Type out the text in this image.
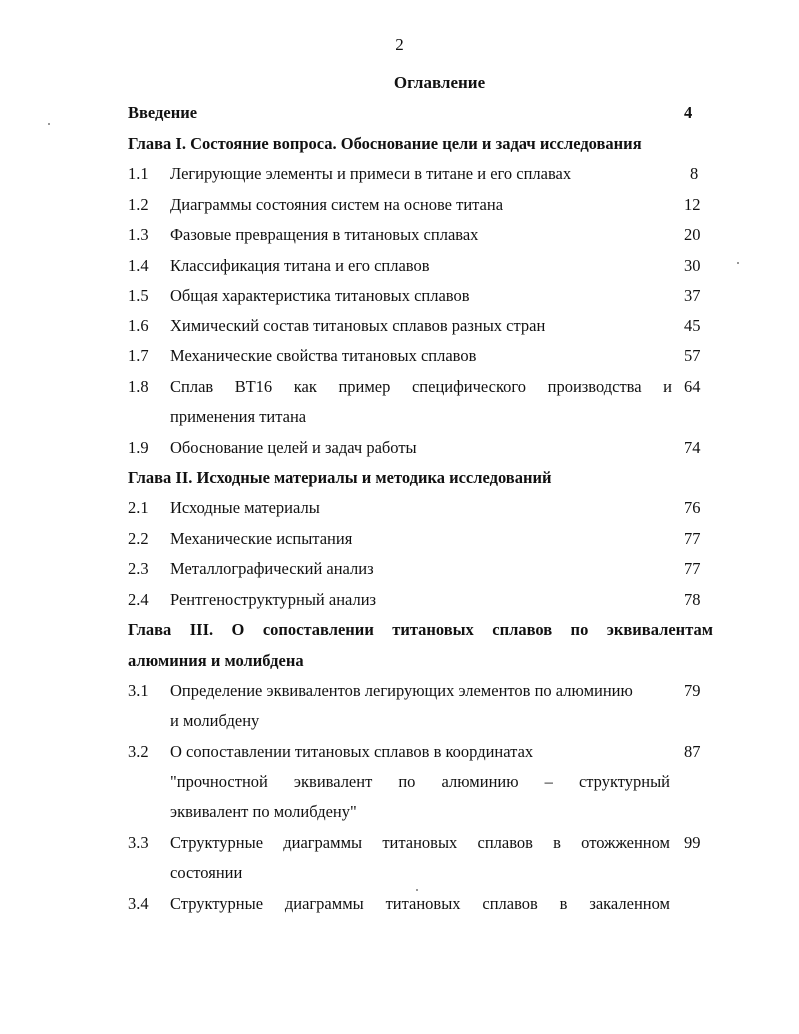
2
Оглавление
Введение	4
Глава I. Состояние вопроса. Обоснование цели и задач исследования
1.1 Легирующие элементы и примеси в титане и его сплавах	8
1.2 Диаграммы состояния систем на основе титана	12
1.3 Фазовые превращения в титановых сплавах	20
1.4 Классификация титана и его сплавов	30
1.5 Общая характеристика титановых сплавов	37
1.6 Химический состав титановых сплавов разных стран	45
1.7 Механические свойства титановых сплавов	57
1.8 Сплав ВТ16 как пример специфического производства и 64
применения титана
1.9 Обоснование целей и задач работы	74
Глава II. Исходные материалы и методика исследований
2.1 Исходные материалы	76
2.2 Механические испытания	77
2.3 Металлографический анализ	77
2.4 Рентгеноструктурный анализ	78
Глава III. О сопоставлении титановых сплавов по эквивалентам
алюминия и молибдена
3.1 Определение эквивалентов легирующих элементов по алюминию	79
и молибдену
3.2 О сопоставлении титановых сплавов в координатах	87
"прочностной эквивалент по алюминию – структурный
эквивалент по молибдену"
3.3 Структурные диаграммы титановых сплавов в отожженном 99
состоянии
3.4 Структурные диаграммы титановых сплавов в закаленном
